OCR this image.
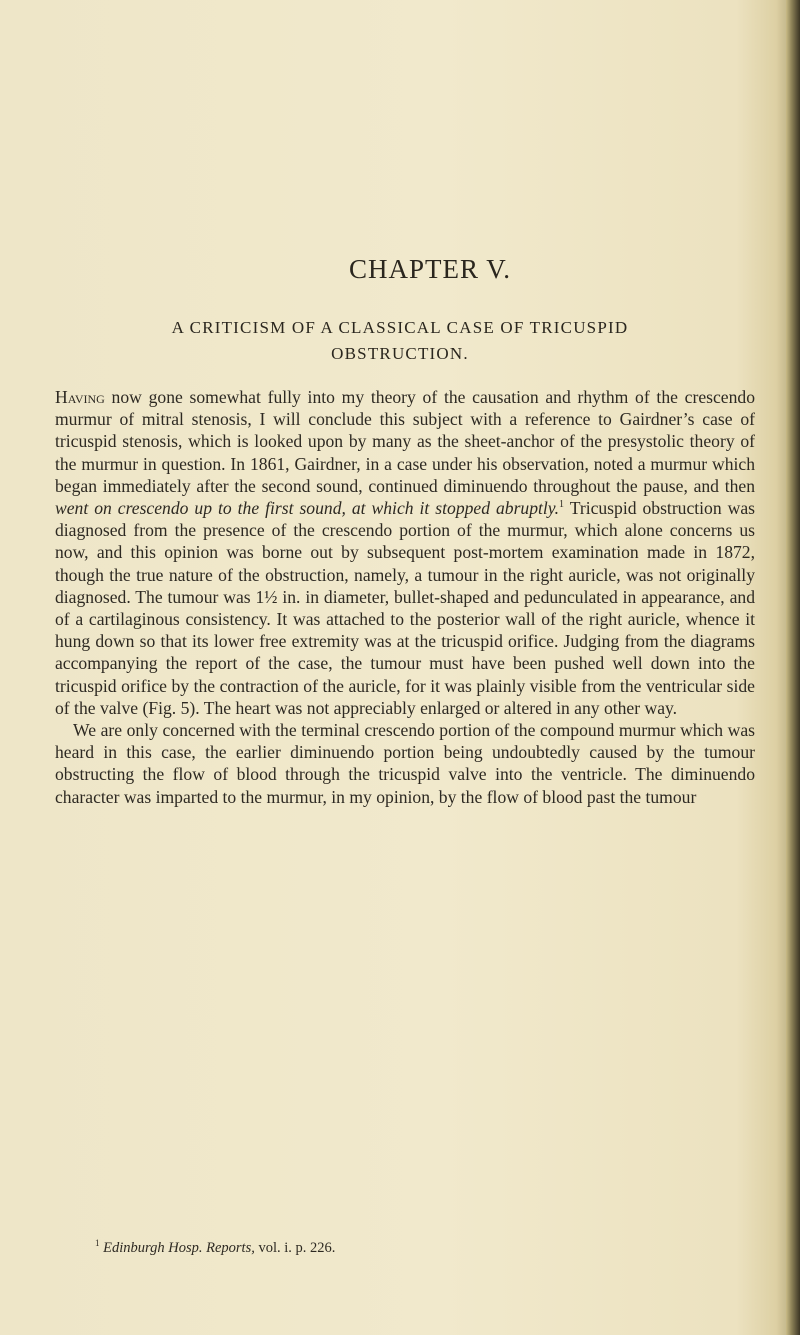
CHAPTER V.
A CRITICISM OF A CLASSICAL CASE OF TRICUSPID
OBSTRUCTION.

Having now gone somewhat fully into my theory of the causation and rhythm of the crescendo murmur of mitral stenosis, I will conclude this subject with a reference to Gairdner’s case of tricuspid stenosis, which is looked upon by many as the sheet-anchor of the presystolic theory of the murmur in question. In 1861, Gairdner, in a case under his observation, noted a murmur which began immediately after the second sound, continued diminuendo throughout the pause, and then went on crescendo up to the first sound, at which it stopped abruptly.$^1$ Tricuspid obstruction was diagnosed from the presence of the crescendo portion of the murmur, which alone concerns us now, and this opinion was borne out by subsequent post-mortem examination made in 1872, though the true nature of the obstruction, namely, a tumour in the right auricle, was not originally diagnosed. The tumour was 1½ in. in diameter, bullet-shaped and pedunculated in appearance, and of a cartilaginous consistency. It was attached to the posterior wall of the right auricle, whence it hung down so that its lower free extremity was at the tricuspid orifice. Judging from the diagrams accompanying the report of the case, the tumour must have been pushed well down into the tricuspid orifice by the contraction of the auricle, for it was plainly visible from the ventricular side of the valve (Fig. 5). The heart was not appreciably enlarged or altered in any other way.

We are only concerned with the terminal crescendo portion of the compound murmur which was heard in this case, the earlier diminuendo portion being undoubtedly caused by the tumour obstructing the flow of blood through the tricuspid valve into the ventricle. The diminuendo character was imparted to the murmur, in my opinion, by the flow of blood past the tumour

$^1$ Edinburgh Hosp. Reports, vol. i. p. 226.
